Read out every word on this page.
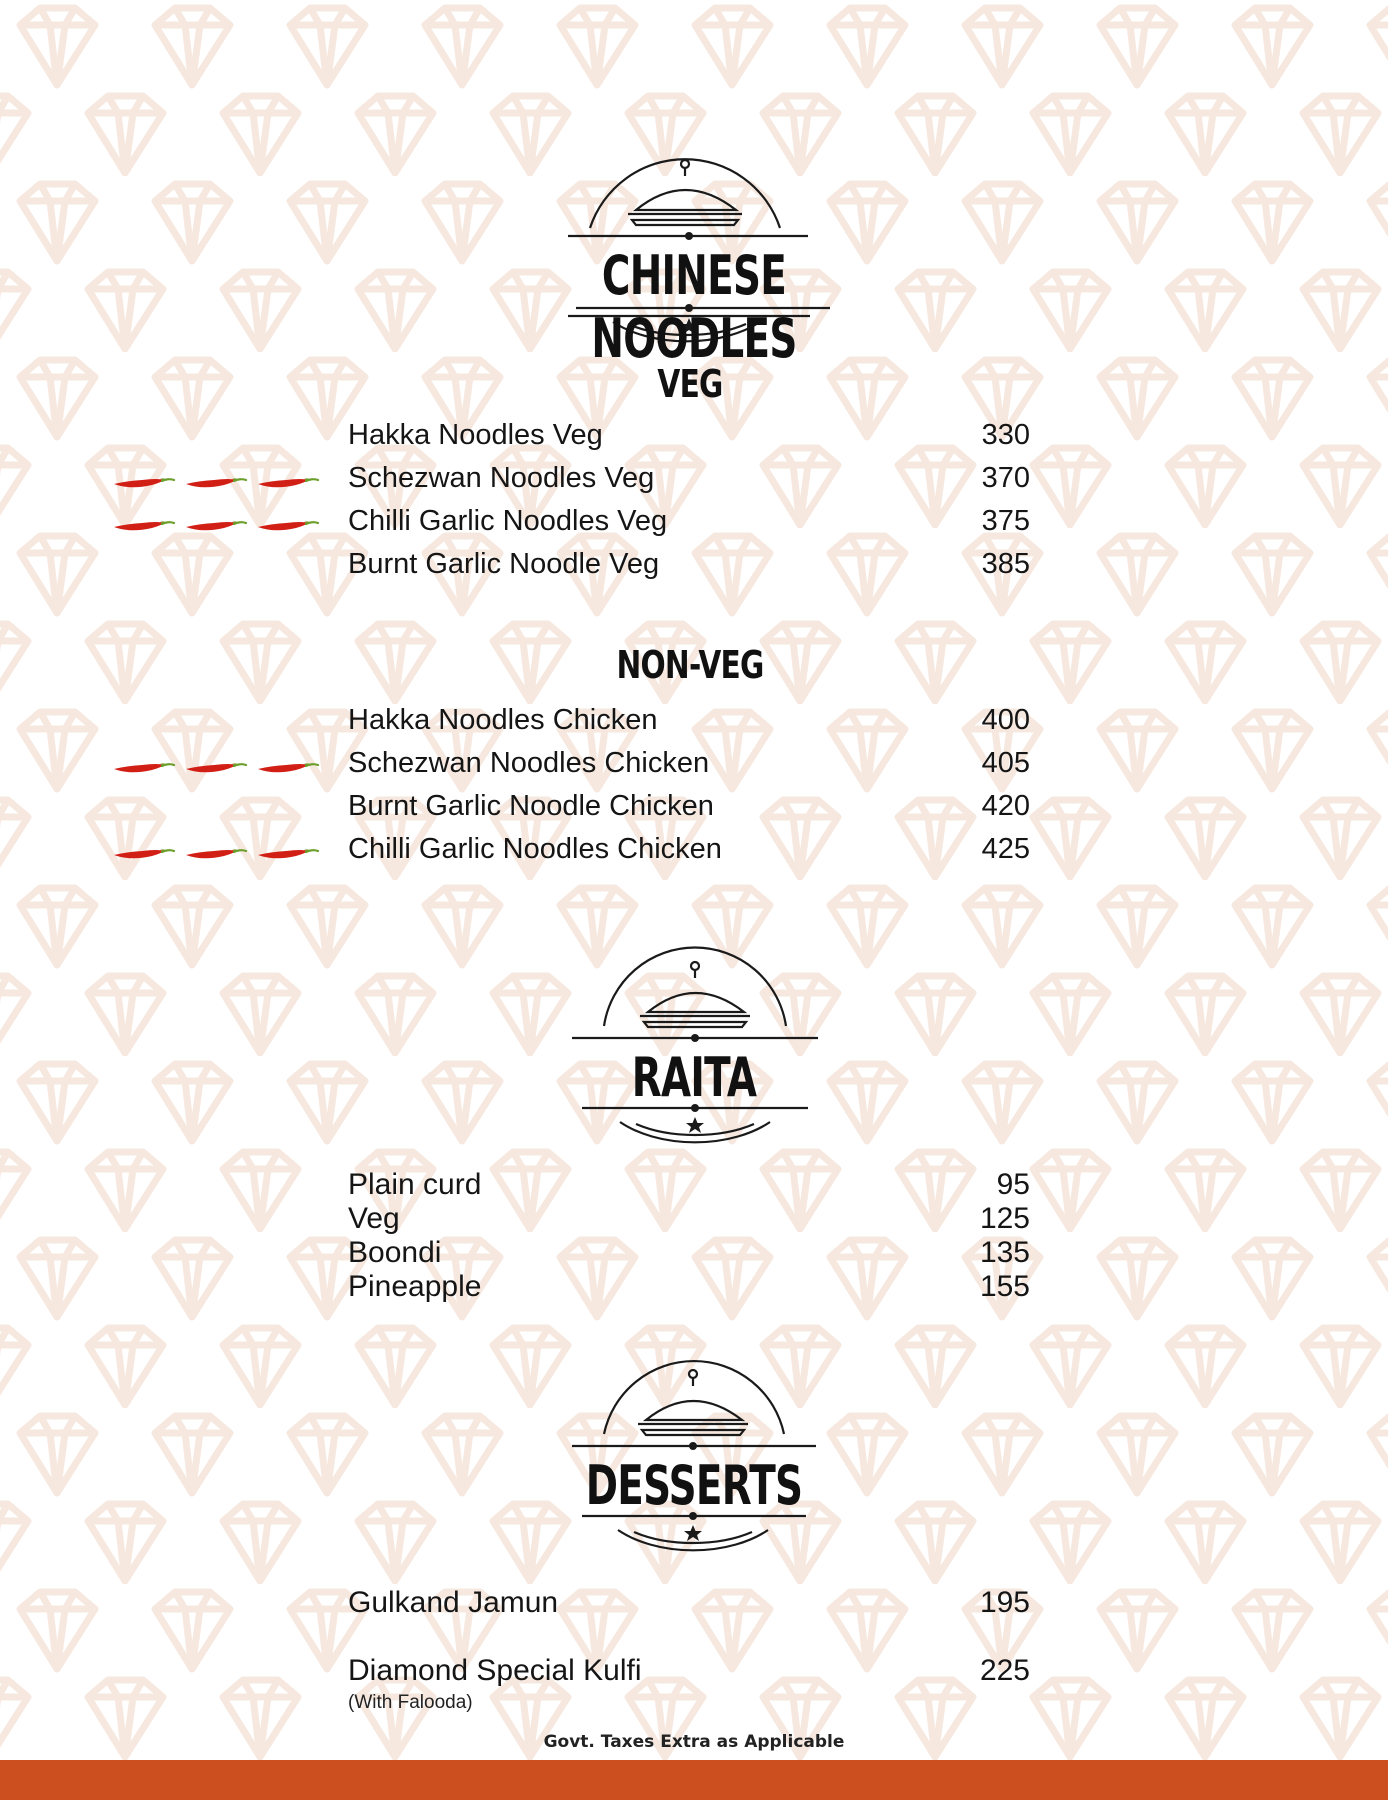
CHINESE NOODLES
VEG
Hakka Noodles Veg	330
Schezwan Noodles Veg	370
Chilli Garlic Noodles Veg	375
Burnt Garlic Noodle Veg	385
NON-VEG
Hakka Noodles Chicken	400
Schezwan Noodles Chicken	405
Burnt Garlic Noodle Chicken	420
Chilli Garlic Noodles Chicken	425
RAITA
Plain curd	95
Veg	125
Boondi	135
Pineapple	155
DESSERTS
Gulkand Jamun	195
Diamond Special Kulfi	225
(With Falooda)
Govt. Taxes Extra as Applicable
